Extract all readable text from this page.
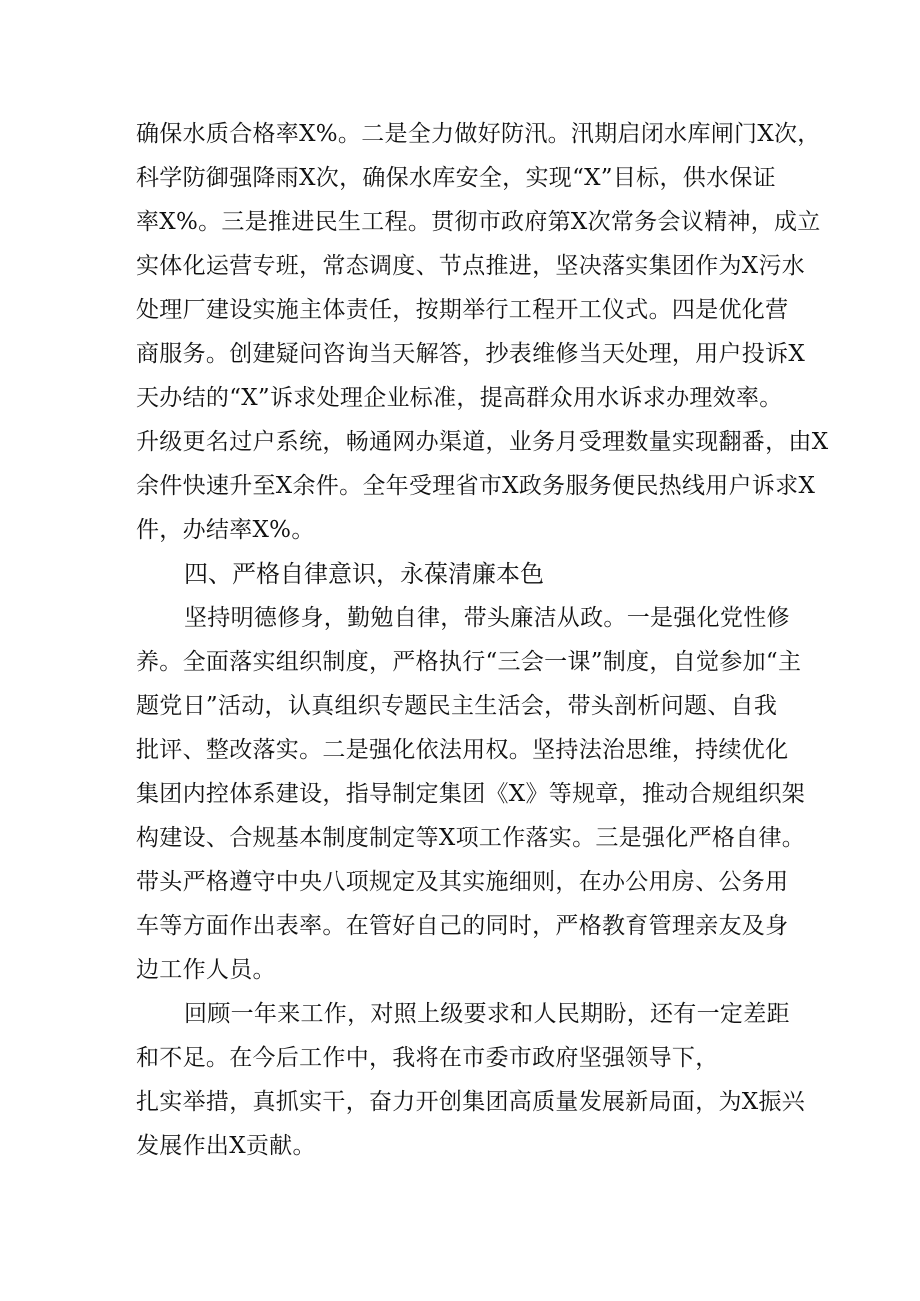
确保水质合格率X%。二是全力做好防汛。汛期启闭水库闸门X次，
科学防御强降雨X次，确保水库安全，实现“X”目标，供水保证
率X%。三是推进民生工程。贯彻市政府第X次常务会议精神，成立
实体化运营专班，常态调度、节点推进，坚决落实集团作为X污水
处理厂建设实施主体责任，按期举行工程开工仪式。四是优化营
商服务。创建疑问咨询当天解答，抄表维修当天处理，用户投诉X
天办结的“X”诉求处理企业标准，提高群众用水诉求办理效率。
升级更名过户系统，畅通网办渠道，业务月受理数量实现翻番，由X
余件快速升至X余件。全年受理省市X政务服务便民热线用户诉求X
件，办结率X%。
四、严格自律意识，永葆清廉本色
坚持明德修身，勤勉自律，带头廉洁从政。一是强化党性修
养。全面落实组织制度，严格执行“三会一课”制度，自觉参加“主
题党日”活动，认真组织专题民主生活会，带头剖析问题、自我
批评、整改落实。二是强化依法用权。坚持法治思维，持续优化
集团内控体系建设，指导制定集团《X》等规章，推动合规组织架
构建设、合规基本制度制定等X项工作落实。三是强化严格自律。
带头严格遵守中央八项规定及其实施细则，在办公用房、公务用
车等方面作出表率。在管好自己的同时，严格教育管理亲友及身
边工作人员。
回顾一年来工作，对照上级要求和人民期盼，还有一定差距
和不足。在今后工作中，我将在市委市政府坚强领导下，
扎实举措，真抓实干，奋力开创集团高质量发展新局面，为X振兴
发展作出X贡献。
